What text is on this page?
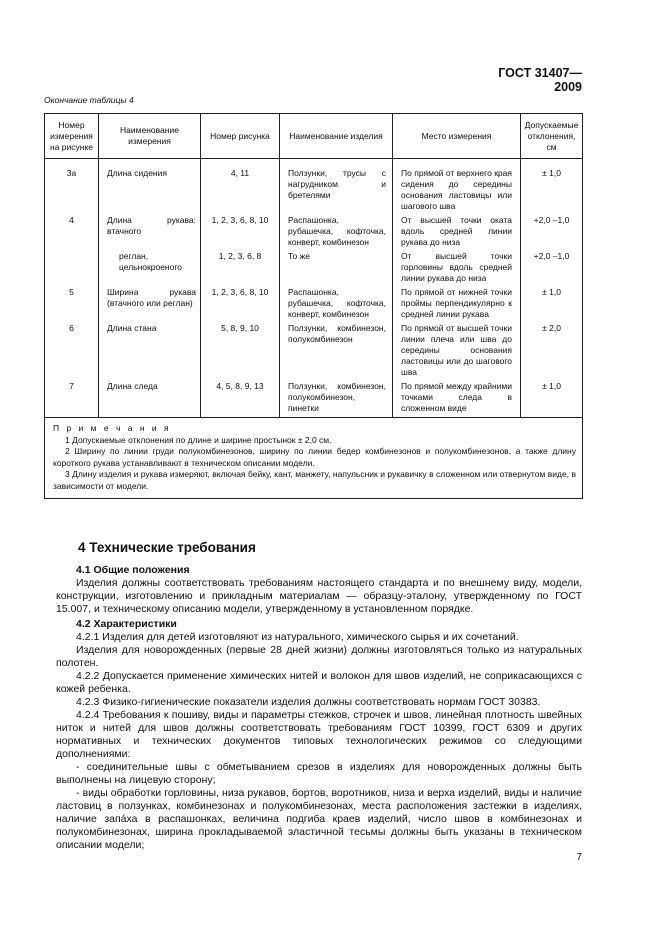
ГОСТ 31407—2009
Окончание таблицы 4
Номер измерения на рисунке	Наименование измерения	Номер рисунка	Наименование изделия	Место измерения	Допускаемые отклонения, см
3а	Длина сидения	4, 11	Ползунки, трусы с нагрудником и бретелями	По прямой от верхнего края сидения до середины основания ластовицы или шагового шва	± 1,0
4	Длина рукава: втачного	1, 2, 3, 6, 8, 10	Распашонка, рубашечка, кофточка, конверт, комбинезон	От высшей точки оката вдоль средней линии рукава до низа	+2,0 –1,0

	реглан, цельнокроеного	1, 2, 3, 6, 8	То же	От высшей точки горловины вдоль средней линии рукава до низа	+2,0 –1,0
5	Ширина рукава (втачного или реглан)	1, 2, 3, 6, 8, 10	Распашонка, рубашечка, кофточка, конверт, комбинезон	По прямой от нижней точки проймы перпендикулярно к средней линии рукава	± 1,0
6	Длина стана	5, 8, 9, 10	Ползунки, комбинезон, полукомбинезон	По прямой от высшей точки линии плеча или шва до середины основания ластовицы или до шагового шва	± 2,0
7	Длина следа	4, 5, 8, 9, 13	Ползунки, комбинезон, полукомбинезон, пинетки	По прямой между крайними точками следа в сложенном виде	± 1,0

П р и м е ч а н и я
1 Допускаемые отклонения по длине и ширине простынок ± 2,0 см.
2 Ширину по линии груди полукомбинезонов, ширину по линии бедер комбинезонов и полукомбинезонов, а также длину короткого рукава устанавливают в техническом описании модели.
3 Длину изделия и рукава измеряют, включая бейку, кант, манжету, напульсник и рукавичку в сложенном или отвернутом виде, в зависимости от модели.					
4 Технические требования

4.1 Общие положения

Изделия должны соответствовать требованиям настоящего стандарта и по внешнему виду, модели, конструкции, изготовлению и прикладным материалам — образцу-эталону, утвержденному по ГОСТ 15.007, и техническому описанию модели, утвержденному в установленном порядке.

4.2 Характеристики

4.2.1 Изделия для детей изготовляют из натурального, химического сырья и их сочетаний.

Изделия для новорожденных (первые 28 дней жизни) должны изготовляться только из натуральных полотен.

4.2.2 Допускается применение химических нитей и волокон для швов изделий, не соприкасающихся с кожей ребенка.

4.2.3 Физико-гигиенические показатели изделия должны соответствовать нормам ГОСТ 30383.

4.2.4 Требования к пошиву, виды и параметры стежков, строчек и швов, линейная плотность швейных ниток и нитей для швов должны соответствовать требованиям ГОСТ 10399, ГОСТ 6309 и других нормативных и технических документов типовых технологических режимов со следующими дополнениями:

- соединительные швы с обметыванием срезов в изделиях для новорожденных должны быть выполнены на лицевую сторону;

- виды обработки горловины, низа рукавов, бортов, воротников, низа и верха изделий, виды и наличие ластовиц в ползунках, комбинезонах и полукомбинезонах, места расположения застежки в изделиях, наличие запа́ха в распашонках, величина подгиба краев изделий, число швов в комбинезонах и полукомбинезонах, ширина прокладываемой эластичной тесьмы должны быть указаны в техническом описании модели;

7
